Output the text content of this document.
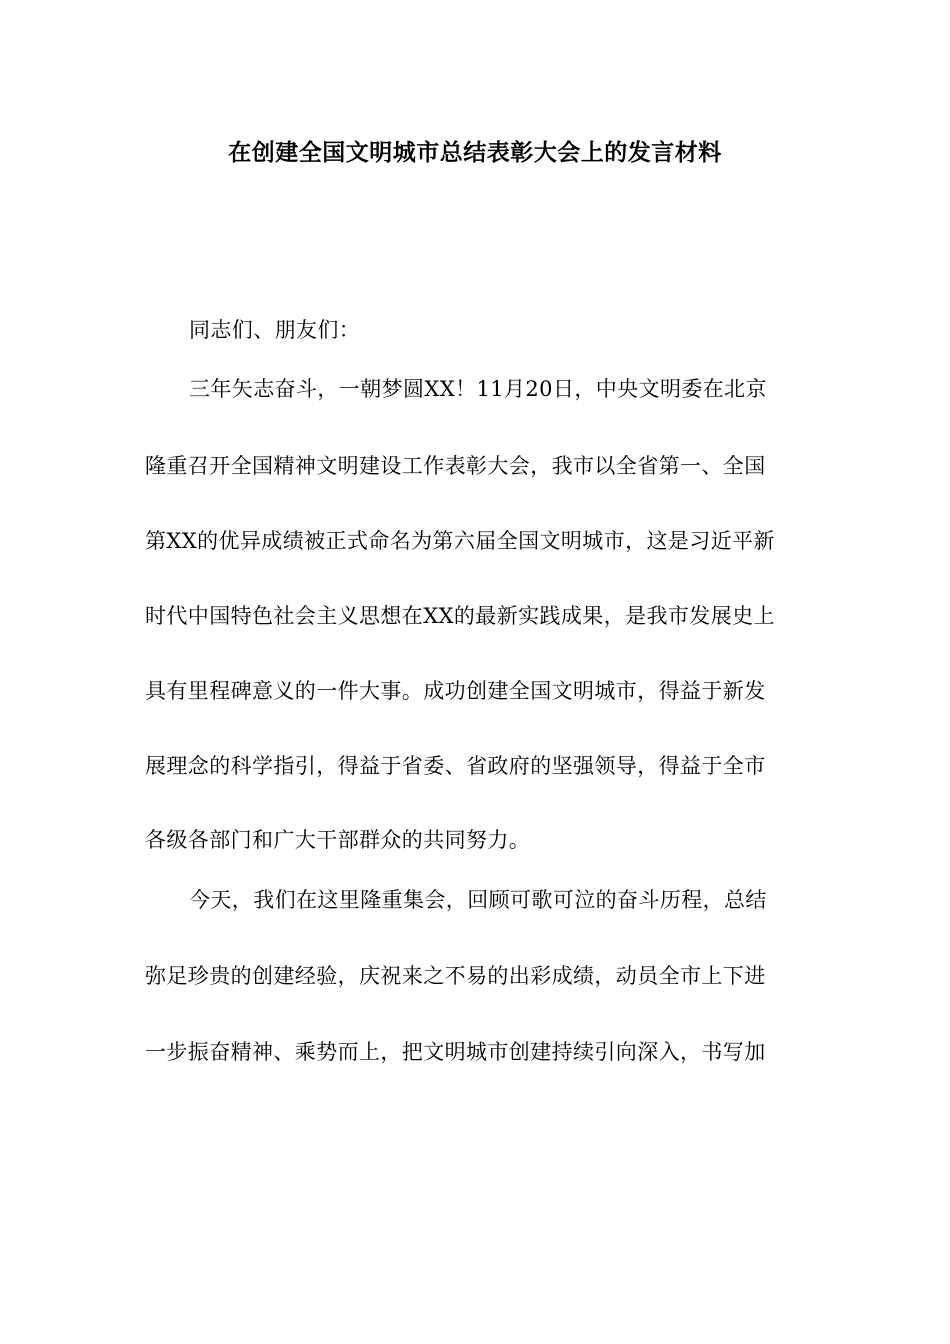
在创建全国文明城市总结表彰大会上的发言材料
同志们、朋友们：
三年矢志奋斗，一朝梦圆XX！11月20日，中央文明委在北京
隆重召开全国精神文明建设工作表彰大会，我市以全省第一、全国
第XX的优异成绩被正式命名为第六届全国文明城市，这是习近平新
时代中国特色社会主义思想在XX的最新实践成果，是我市发展史上
具有里程碑意义的一件大事。成功创建全国文明城市，得益于新发
展理念的科学指引，得益于省委、省政府的坚强领导，得益于全市
各级各部门和广大干部群众的共同努力。
今天，我们在这里隆重集会，回顾可歌可泣的奋斗历程，总结
弥足珍贵的创建经验，庆祝来之不易的出彩成绩，动员全市上下进
一步振奋精神、乘势而上，把文明城市创建持续引向深入，书写加
